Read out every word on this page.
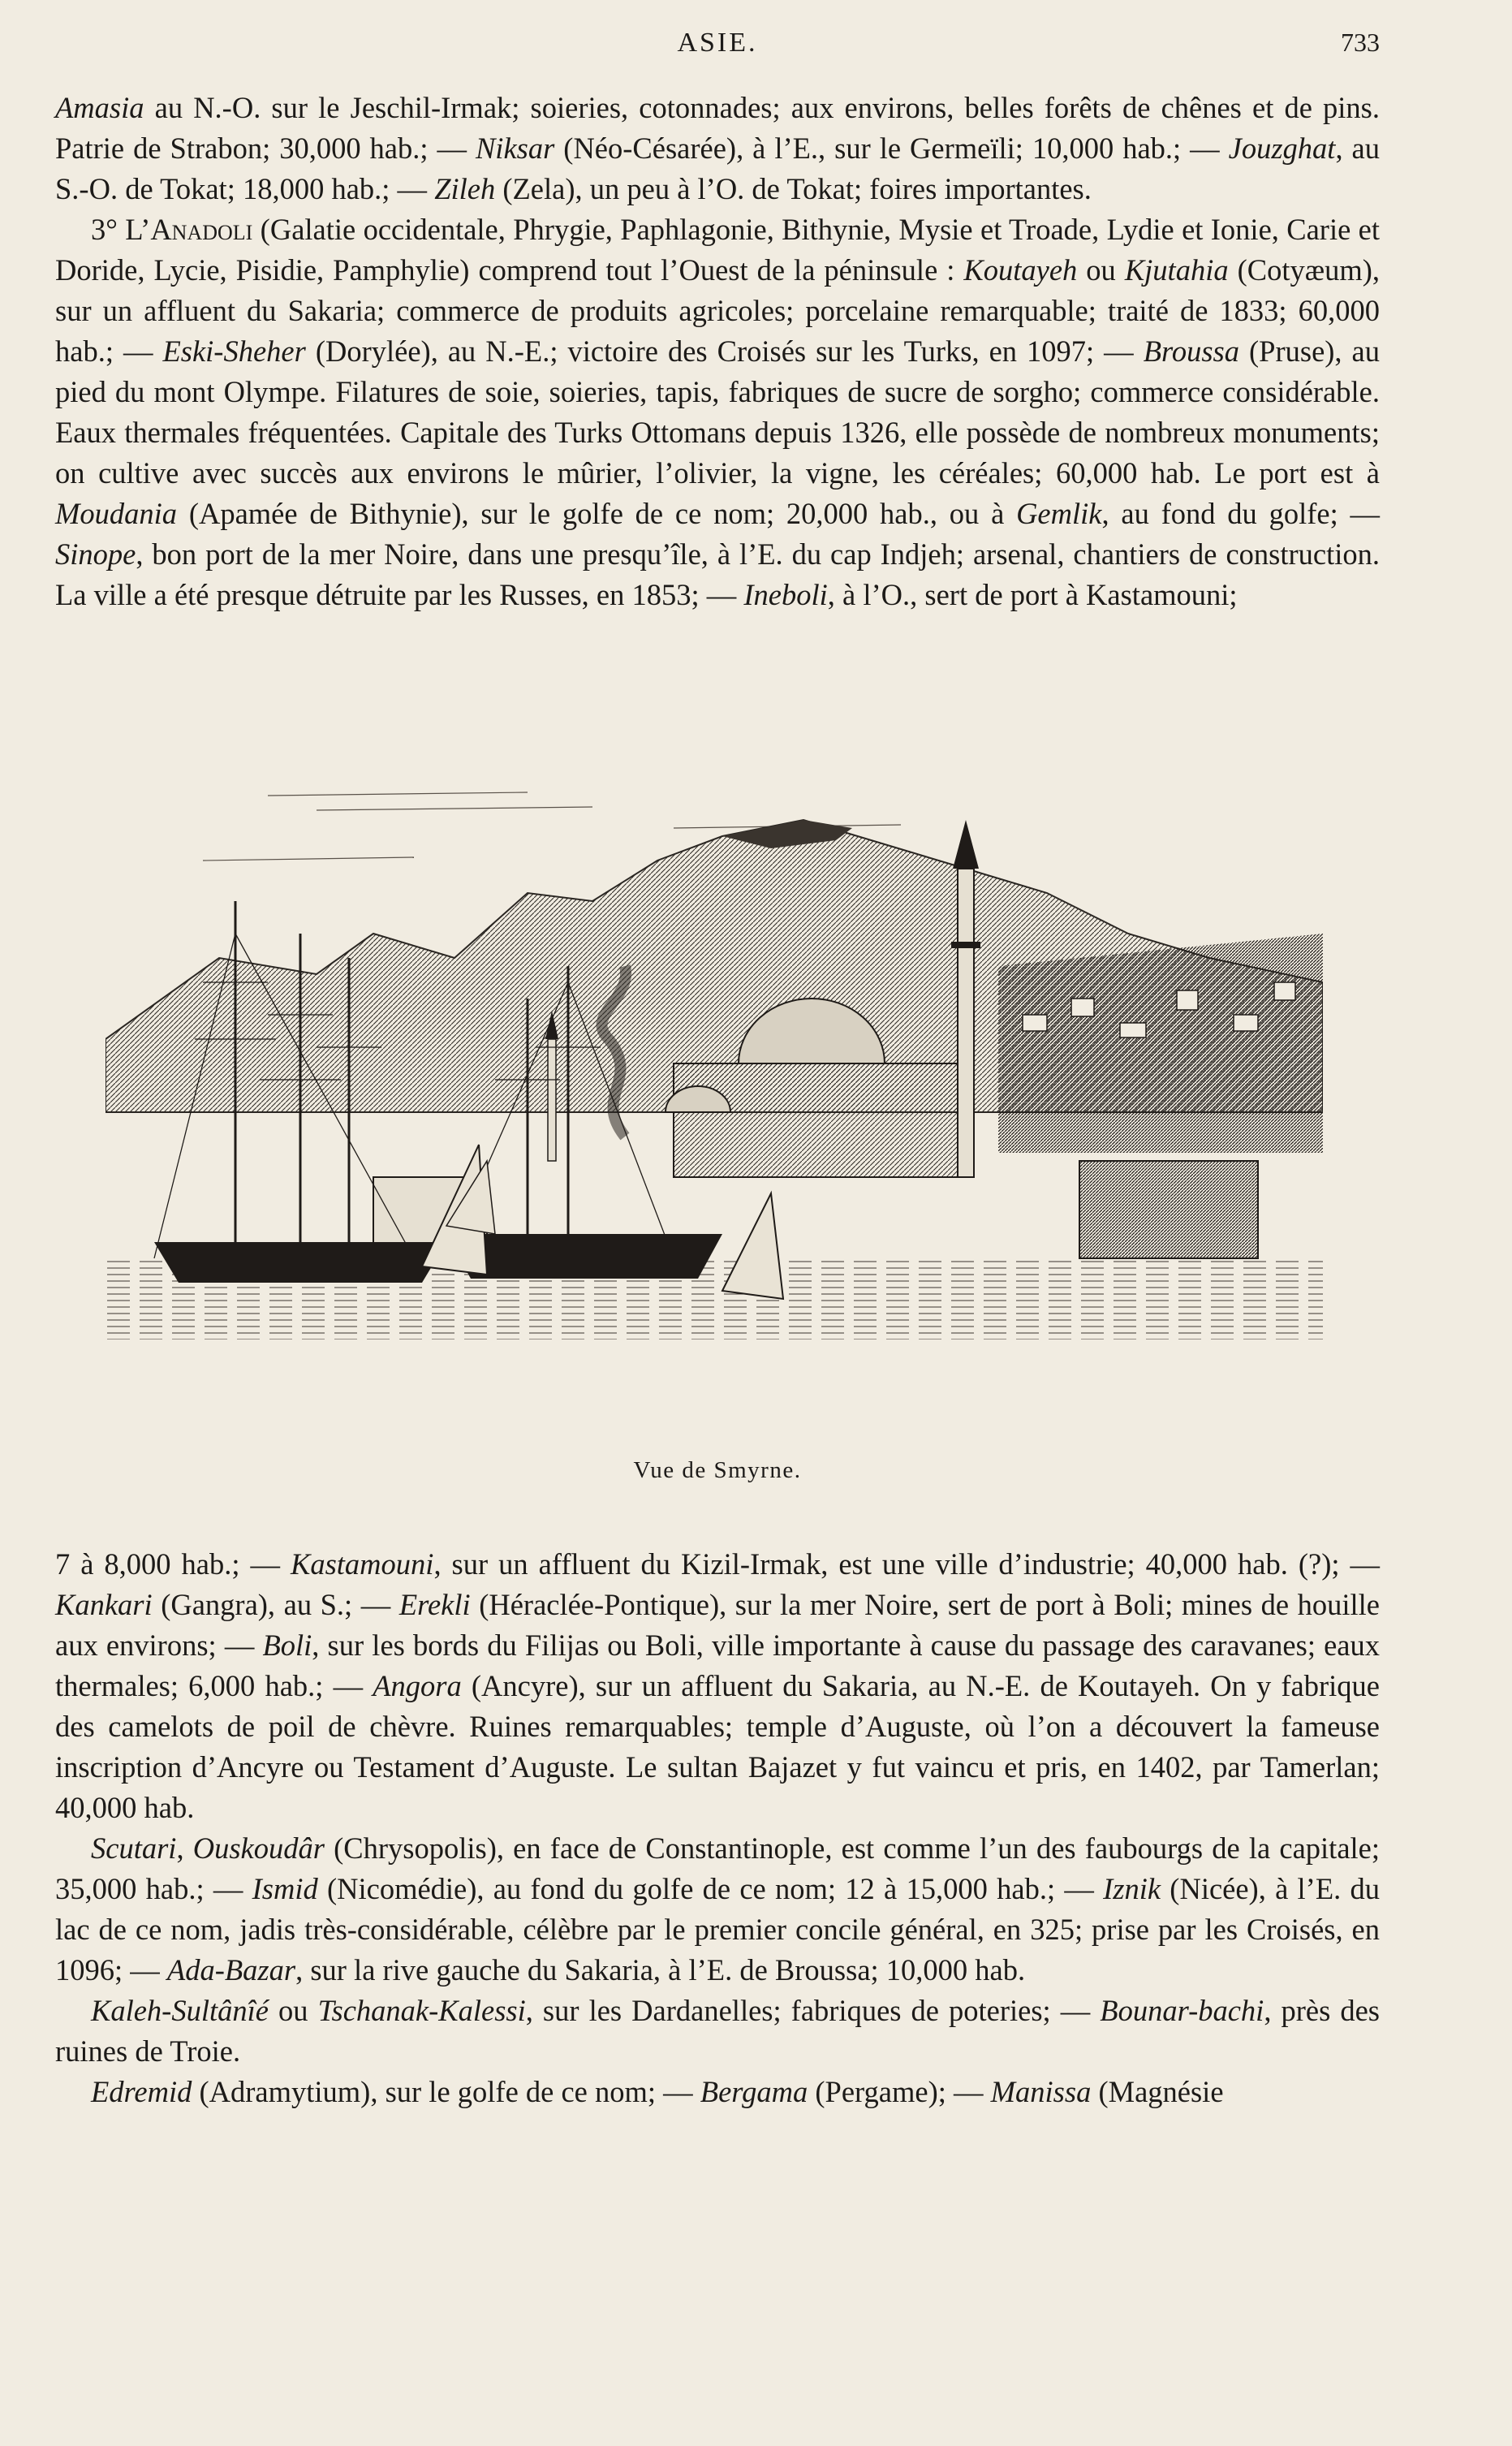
ASIE.	733

Amasia au N.-O. sur le Jeschil-Irmak; soieries, cotonnades; aux environs, belles forêts de chênes et de pins. Patrie de Strabon; 30,000 hab.; — Niksar (Néo-Césarée), à l’E., sur le Germeïli; 10,000 hab.; — Jouzghat, au S.-O. de Tokat; 18,000 hab.; — Zileh (Zela), un peu à l’O. de Tokat; foires importantes.

3° L’Anadoli (Galatie occidentale, Phrygie, Paphlagonie, Bithynie, Mysie et Troade, Lydie et Ionie, Carie et Doride, Lycie, Pisidie, Pamphylie) comprend tout l’Ouest de la péninsule : Koutayeh ou Kjutahia (Cotyæum), sur un affluent du Sakaria; commerce de produits agricoles; porcelaine remarquable; traité de 1833; 60,000 hab.; — Eski-Sheher (Dorylée), au N.-E.; victoire des Croisés sur les Turks, en 1097; — Broussa (Pruse), au pied du mont Olympe. Filatures de soie, soieries, tapis, fabriques de sucre de sorgho; commerce considérable. Eaux thermales fréquentées. Capitale des Turks Ottomans depuis 1326, elle possède de nombreux monuments; on cultive avec succès aux environs le mûrier, l’olivier, la vigne, les céréales; 60,000 hab. Le port est à Moudania (Apamée de Bithynie), sur le golfe de ce nom; 20,000 hab., ou à Gemlik, au fond du golfe; — Sinope, bon port de la mer Noire, dans une presqu’île, à l’E. du cap Indjeh; arsenal, chantiers de construction. La ville a été presque détruite par les Russes, en 1853; — Ineboli, à l’O., sert de port à Kastamouni;

Vue de Smyrne.

7 à 8,000 hab.; — Kastamouni, sur un affluent du Kizil-Irmak, est une ville d’industrie; 40,000 hab. (?); — Kankari (Gangra), au S.; — Erekli (Héraclée-Pontique), sur la mer Noire, sert de port à Boli; mines de houille aux environs; — Boli, sur les bords du Filijas ou Boli, ville importante à cause du passage des caravanes; eaux thermales; 6,000 hab.; — Angora (Ancyre), sur un affluent du Sakaria, au N.-E. de Koutayeh. On y fabrique des camelots de poil de chèvre. Ruines remarquables; temple d’Auguste, où l’on a découvert la fameuse inscription d’Ancyre ou Testament d’Auguste. Le sultan Bajazet y fut vaincu et pris, en 1402, par Tamerlan; 40,000 hab.

Scutari, Ouskoudâr (Chrysopolis), en face de Constantinople, est comme l’un des faubourgs de la capitale; 35,000 hab.; — Ismid (Nicomédie), au fond du golfe de ce nom; 12 à 15,000 hab.; — Iznik (Nicée), à l’E. du lac de ce nom, jadis très-considérable, célèbre par le premier concile général, en 325; prise par les Croisés, en 1096; — Ada-Bazar, sur la rive gauche du Sakaria, à l’E. de Broussa; 10,000 hab.

Kaleh-Sultânîé ou Tschanak-Kalessi, sur les Dardanelles; fabriques de poteries; — Bounar-bachi, près des ruines de Troie.

Edremid (Adramytium), sur le golfe de ce nom; — Bergama (Pergame); — Manissa (Magnésie
